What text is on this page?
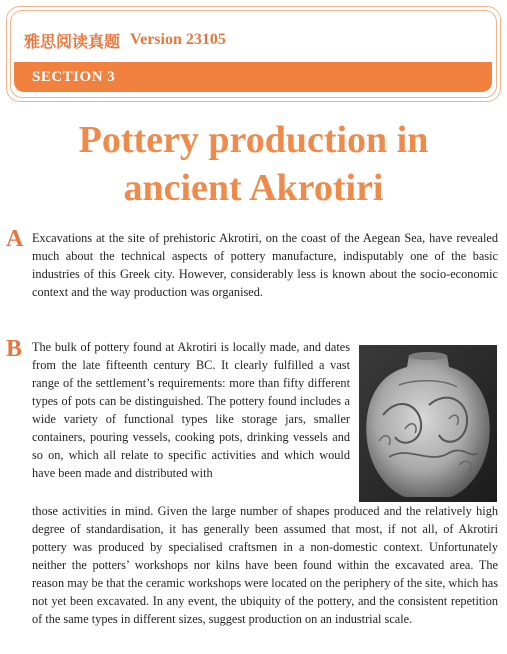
雅思阅读真题 Version 23105
SECTION 3
Pottery production in
ancient Akrotiri
A Excavations at the site of prehistoric Akrotiri, on the coast of the Aegean Sea, have revealed much about the technical aspects of pottery manufacture, indisputably one of the basic industries of this Greek city. However, considerably less is known about the socio-economic context and the way production was organised.
B The bulk of pottery found at Akrotiri is locally made, and dates from the late fifteenth century BC. It clearly fulfilled a vast range of the settlement’s requirements: more than fifty different types of pots can be distinguished. The pottery found includes a wide variety of functional types like storage jars, smaller containers, pouring vessels, cooking pots, drinking vessels and so on, which all relate to specific activities and which would have been made and distributed with
those activities in mind. Given the large number of shapes produced and the relatively high degree of standardisation, it has generally been assumed that most, if not all, of Akrotiri pottery was produced by specialised craftsmen in a non-domestic context. Unfortunately neither the potters’ workshops nor kilns have been found within the excavated area. The reason may be that the ceramic workshops were located on the periphery of the site, which has not yet been excavated. In any event, the ubiquity of the pottery, and the consistent repetition of the same types in different sizes, suggest production on an industrial scale.
